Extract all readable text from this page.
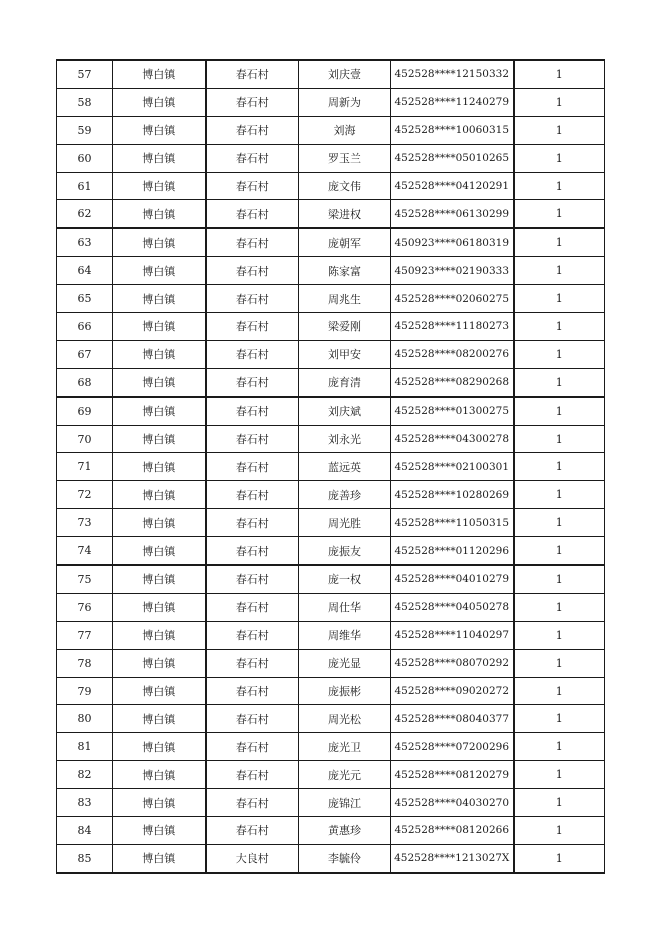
57	博白镇	春石村	刘庆壹	452528****12150332	1
58	博白镇	春石村	周新为	452528****11240279	1
59	博白镇	春石村	刘海	452528****10060315	1
60	博白镇	春石村	罗玉兰	452528****05010265	1
61	博白镇	春石村	庞文伟	452528****04120291	1
62	博白镇	春石村	梁进权	452528****06130299	1
63	博白镇	春石村	庞朝军	450923****06180319	1
64	博白镇	春石村	陈家富	450923****02190333	1
65	博白镇	春石村	周兆生	452528****02060275	1
66	博白镇	春石村	梁爱刚	452528****11180273	1
67	博白镇	春石村	刘甲安	452528****08200276	1
68	博白镇	春石村	庞育清	452528****08290268	1
69	博白镇	春石村	刘庆斌	452528****01300275	1
70	博白镇	春石村	刘永光	452528****04300278	1
71	博白镇	春石村	蓝远英	452528****02100301	1
72	博白镇	春石村	庞善珍	452528****10280269	1
73	博白镇	春石村	周光胜	452528****11050315	1
74	博白镇	春石村	庞振友	452528****01120296	1
75	博白镇	春石村	庞一权	452528****04010279	1
76	博白镇	春石村	周仕华	452528****04050278	1
77	博白镇	春石村	周维华	452528****11040297	1
78	博白镇	春石村	庞光显	452528****08070292	1
79	博白镇	春石村	庞振彬	452528****09020272	1
80	博白镇	春石村	周光松	452528****08040377	1
81	博白镇	春石村	庞光卫	452528****07200296	1
82	博白镇	春石村	庞光元	452528****08120279	1
83	博白镇	春石村	庞锦江	452528****04030270	1
84	博白镇	春石村	黄惠珍	452528****08120266	1
85	博白镇	大良村	李毓伶	452528****1213027X	1
